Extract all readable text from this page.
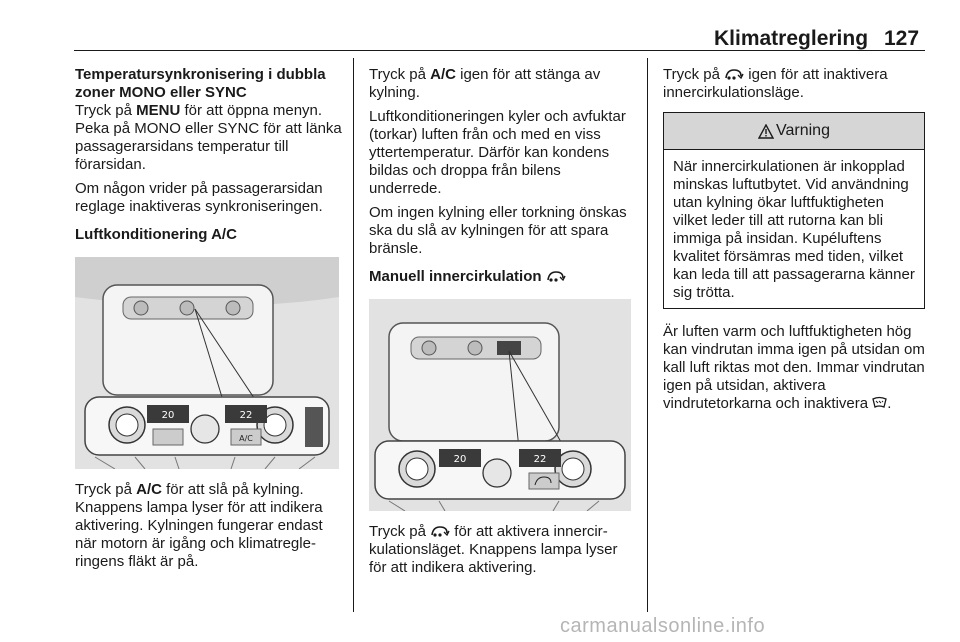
Klimatreglering 127

Temperatursynkronisering i dubbla zoner MONO eller SYNC

Tryck på MENU för att öppna menyn. Peka på MONO eller SYNC för att länka passagerarsidans temperatur till förarsidan.

Om någon vrider på passagerarsidan reglage inaktiveras synkroniseringen.

Luftkonditionering A/C

20	22
A/C

Tryck på A/C för att slå på kylning. Knappens lampa lyser för att indikera aktivering. Kylningen fungerar endast när motorn är igång och klimatregleringens fläkt är på.

Tryck på A/C igen för att stänga av kylning.

Luftkonditioneringen kyler och avfuktar (torkar) luften från och med en viss yttertemperatur. Därför kan kondens bildas och droppa från bilens underrede.

Om ingen kylning eller torkning önskas ska du slå av kylningen för att spara bränsle.

Manuell innercirkulation

20	22

Tryck på  för att aktivera innercirkulationsläget. Knappens lampa lyser för att indikera aktivering.

Tryck på  igen för att inaktivera innercirkulationsläge.

Varning
När innercirkulationen är inkopplad minskas luftutbytet. Vid användning utan kylning ökar luftfuktigheten vilket leder till att rutorna kan bli immiga på insidan. Kupéluftens kvalitet försämras med tiden, vilket kan leda till att passagerarna känner sig trötta.

Är luften varm och luftfuktigheten hög kan vindrutan imma igen på utsidan om kall luft riktas mot den. Immar vindrutan igen på utsidan, aktivera vindrutetorkarna och inaktivera .

carmanualsonline.info
